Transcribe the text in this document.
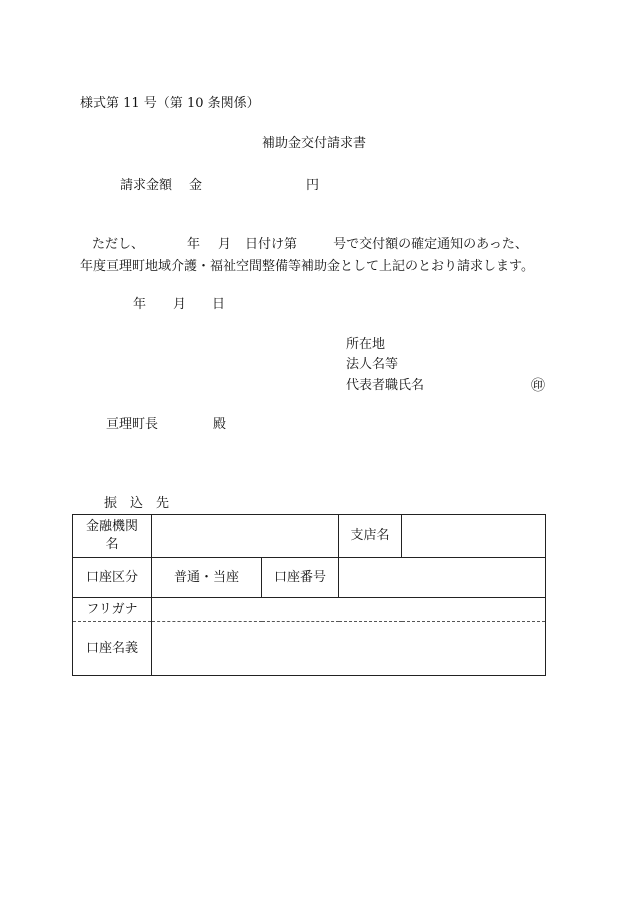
様式第 11 号（第 10 条関係）
補助金交付請求書
請求金額 金	円
ただし、	年 月 日付け第	号で交付額の確定通知のあった、
年度亘理町地域介護・福祉空間整備等補助金として上記のとおり請求します。
年 月 日
所在地
法人名等
代表者職氏名	㊞
亘理町長	殿
振　込　先
金融機関
名			支店名	
口座区分	普通・当座	口座番号		
フリガナ				
口座名義				
